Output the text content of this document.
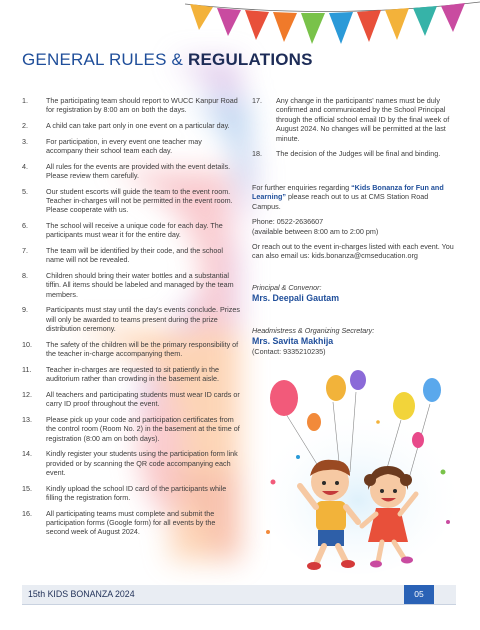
GENERAL RULES & REGULATIONS
1.	The participating team should report to WUCC Kanpur Road for registration by 8:00 am on both the days.
2.	A child can take part only in one event on a particular day.
3.	For participation, in every event one teacher may accompany their school team each day.
4.	All rules for the events are provided with the event details. Please review them carefully.
5.	Our student escorts will guide the team to the event room. Teacher in-charges will not be permitted in the event room. Please cooperate with us.
6.	The school will receive a unique code for each day. The participants must wear it for the entire day.
7.	The team will be identified by their code, and the school name will not be revealed.
8.	Children should bring their water bottles and a substantial tiffin. All items should be labeled and managed by the team members.
9.	Participants must stay until the day's events conclude. Prizes will only be awarded to teams present during the prize distribution ceremony.
10.	The safety of the children will be the primary responsibility of the teacher in-charge accompanying them.
11.	Teacher in-charges are requested to sit patiently in the auditorium rather than crowding in the basement aisle.
12.	All teachers and participating students must wear ID cards or carry ID proof throughout the event.
13.	Please pick up your code and participation certificates from the control room (Room No. 2) in the basement at the time of registration (8:00 am on both days).
14.	Kindly register your students using the participation form link provided or by scanning the QR code accompanying each event.
15.	Kindly upload the school ID card of the participants while filling the registration form.
16.	All participating teams must complete and submit the participation forms (Google form) for all events by the second week of August 2024.
17.	Any change in the participants' names must be duly confirmed and communicated by the School Principal through the official school email ID by the final week of August 2024. No changes will be permitted at the last minute.
18.	The decision of the Judges will be final and binding.

For further enquiries regarding “Kids Bonanza for Fun and Learning” please reach out to us at CMS Station Road Campus.

Phone: 0522-2636607
(available between 8:00 am to 2:00 pm)

Or reach out to the event in-charges listed with each event. You can also email us: kids.bonanza@cmseducation.org

Principal & Convenor:
Mrs. Deepali Gautam
Headmistress & Organizing Secretary:
Mrs. Savita Makhija
(Contact: 9335210235)
15th KIDS BONANZA 2024	05
